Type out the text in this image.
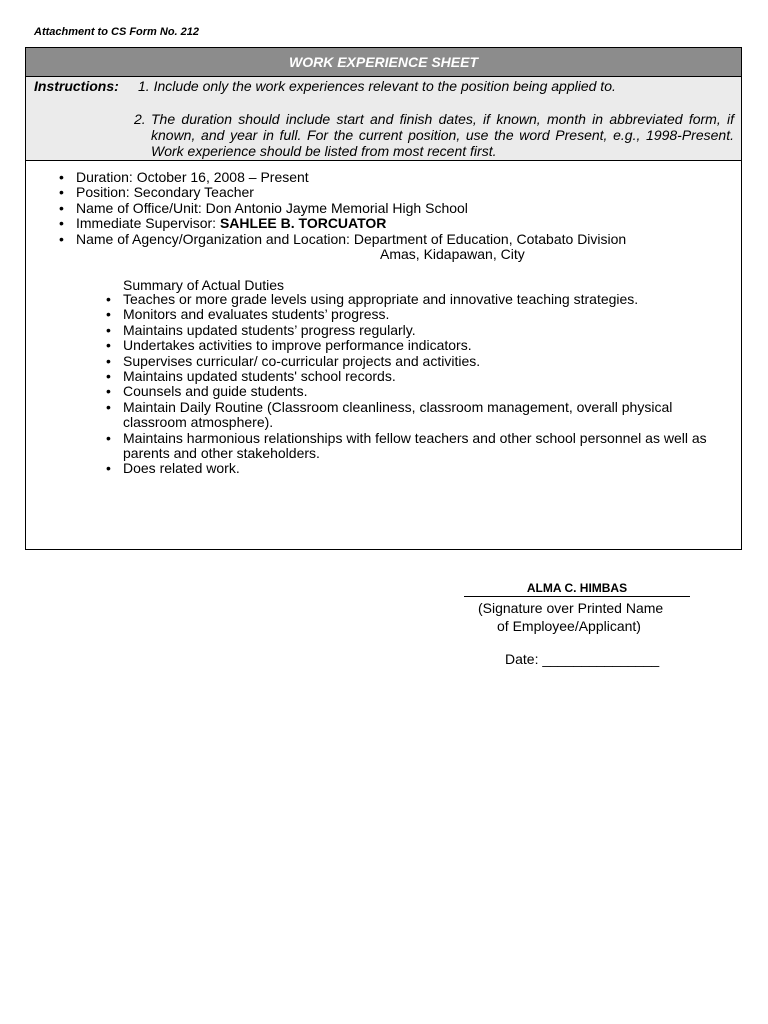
Attachment to CS Form No. 212
WORK EXPERIENCE SHEET
Instructions: 1. Include only the work experiences relevant to the position being applied to.
2. The duration should include start and finish dates, if known, month in abbreviated form, if known, and year in full. For the current position, use the word Present, e.g., 1998-Present. Work experience should be listed from most recent first.
• Duration: October 16, 2008 – Present
• Position: Secondary Teacher
• Name of Office/Unit: Don Antonio Jayme Memorial High School
• Immediate Supervisor: SAHLEE B. TORCUATOR
• Name of Agency/Organization and Location: Department of Education, Cotabato Division
Amas, Kidapawan, City
Summary of Actual Duties
• Teaches or more grade levels using appropriate and innovative teaching strategies.
• Monitors and evaluates students’ progress.
• Maintains updated students’ progress regularly.
• Undertakes activities to improve performance indicators.
• Supervises curricular/ co-curricular projects and activities.
• Maintains updated students' school records.
• Counsels and guide students.
• Maintain Daily Routine (Classroom cleanliness, classroom management, overall physical classroom atmosphere).
• Maintains harmonious relationships with fellow teachers and other school personnel as well as parents and other stakeholders.
• Does related work.
ALMA C. HIMBAS
(Signature over Printed Name
of Employee/Applicant)
Date: _______________
